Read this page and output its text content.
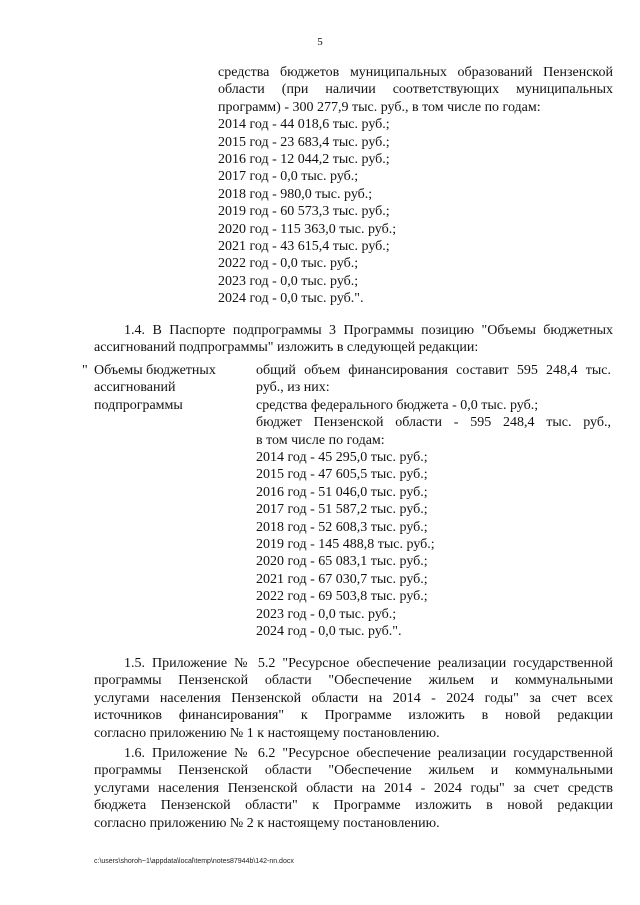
5
средства бюджетов муниципальных образований Пензенской
области (при наличии соответствующих муниципальных
программ) - 300 277,9 тыс. руб., в том числе по годам:
2014 год - 44 018,6 тыс. руб.;
2015 год - 23 683,4 тыс. руб.;
2016 год - 12 044,2 тыс. руб.;
2017 год - 0,0 тыс. руб.;
2018 год - 980,0 тыс. руб.;
2019 год - 60 573,3 тыс. руб.;
2020 год - 115 363,0 тыс. руб.;
2021 год - 43 615,4 тыс. руб.;
2022 год - 0,0 тыс. руб.;
2023 год - 0,0 тыс. руб.;
2024 год - 0,0 тыс. руб.".
1.4. В Паспорте подпрограммы 3 Программы позицию "Объемы бюджетных
ассигнований подпрограммы" изложить в следующей редакции:
" Объемы бюджетных
ассигнований
подпрограммы
общий объем финансирования составит 595 248,4 тыс.
руб., из них:
средства федерального бюджета - 0,0 тыс. руб.;
бюджет Пензенской области - 595 248,4 тыс. руб.,
в том числе по годам:
2014 год - 45 295,0 тыс. руб.;
2015 год - 47 605,5 тыс. руб.;
2016 год - 51 046,0 тыс. руб.;
2017 год - 51 587,2 тыс. руб.;
2018 год - 52 608,3 тыс. руб.;
2019 год - 145 488,8 тыс. руб.;
2020 год - 65 083,1 тыс. руб.;
2021 год - 67 030,7 тыс. руб.;
2022 год - 69 503,8 тыс. руб.;
2023 год - 0,0 тыс. руб.;
2024 год - 0,0 тыс. руб.".
1.5. Приложение № 5.2 "Ресурсное обеспечение реализации государственной
программы Пензенской области "Обеспечение жильем и коммунальными
услугами населения Пензенской области на 2014 - 2024 годы" за счет всех
источников финансирования" к Программе изложить в новой редакции
согласно приложению № 1 к настоящему постановлению.
1.6. Приложение № 6.2 "Ресурсное обеспечение реализации государственной
программы Пензенской области "Обеспечение жильем и коммунальными
услугами населения Пензенской области на 2014 - 2024 годы" за счет средств
бюджета Пензенской области" к Программе изложить в новой редакции
согласно приложению № 2 к настоящему постановлению.
c:\users\shoroh~1\appdata\local\temp\notes87944b\142-nn.docx
